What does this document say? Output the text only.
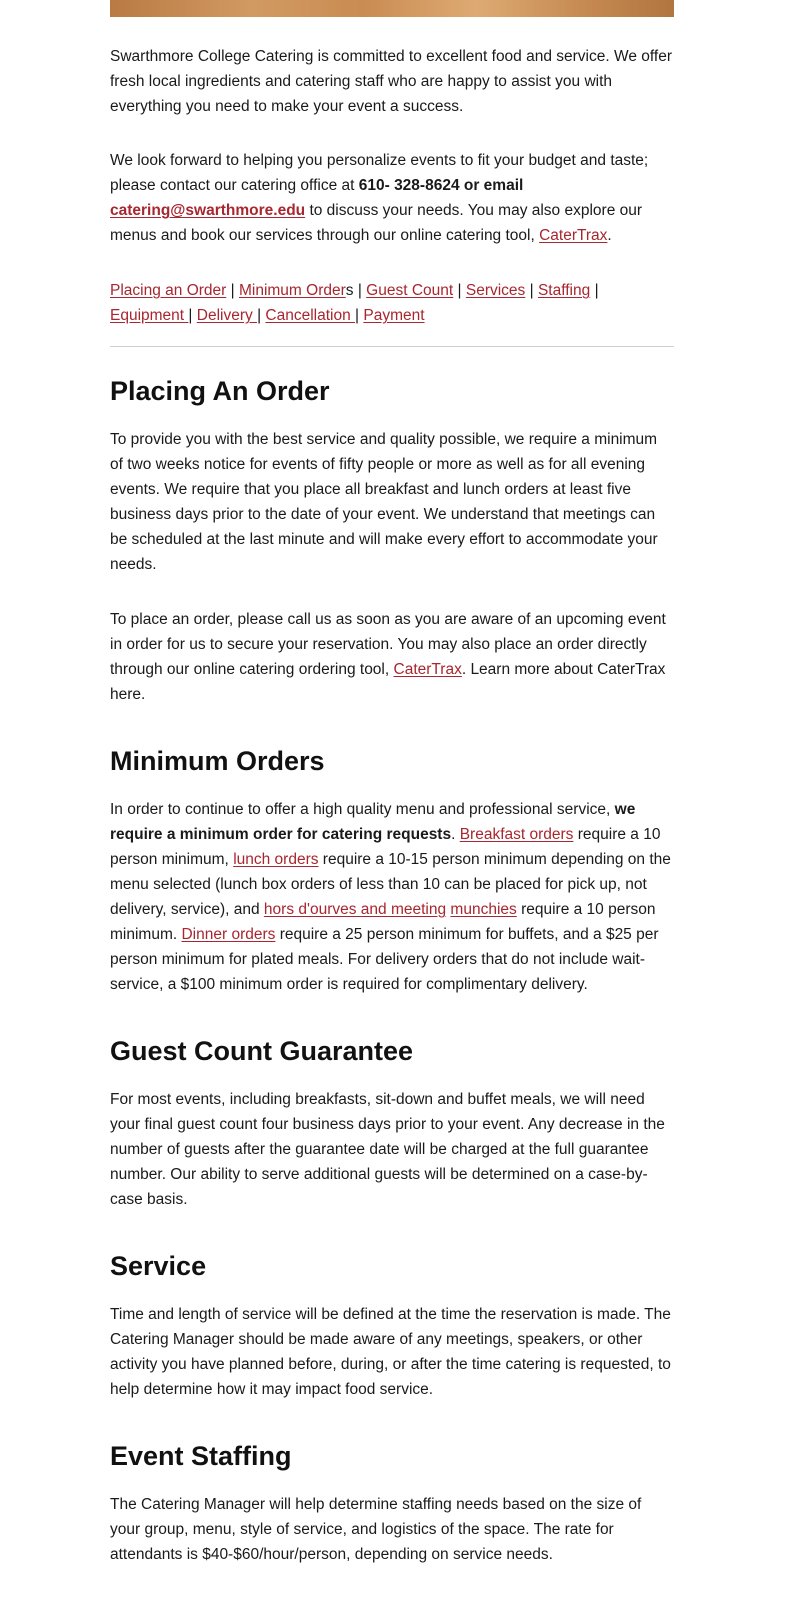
Swarthmore College Catering is committed to excellent food and service. We offer fresh local ingredients and catering staff who are happy to assist you with everything you need to make your event a success.

We look forward to helping you personalize events to fit your budget and taste; please contact our catering office at 610- 328-8624 or email catering@swarthmore.edu to discuss your needs. You may also explore our menus and book our services through our online catering tool, CaterTrax.

Placing an Order | Minimum Orders | Guest Count | Services | Staffing | Equipment | Delivery | Cancellation | Payment

Placing An Order

To provide you with the best service and quality possible, we require a minimum of two weeks notice for events of fifty people or more as well as for all evening events. We require that you place all breakfast and lunch orders at least five business days prior to the date of your event. We understand that meetings can be scheduled at the last minute and will make every effort to accommodate your needs.

To place an order, please call us as soon as you are aware of an upcoming event in order for us to secure your reservation. You may also place an order directly through our online catering ordering tool, CaterTrax. Learn more about CaterTrax here.

Minimum Orders

In order to continue to offer a high quality menu and professional service, we require a minimum order for catering requests. Breakfast orders require a 10 person minimum, lunch orders require a 10-15 person minimum depending on the menu selected (lunch box orders of less than 10 can be placed for pick up, not delivery, service), and hors d'ourves and meeting munchies require a 10 person minimum. Dinner orders require a 25 person minimum for buffets, and a $25 per person minimum for plated meals. For delivery orders that do not include wait-service, a $100 minimum order is required for complimentary delivery.

Guest Count Guarantee

For most events, including breakfasts, sit-down and buffet meals, we will need your final guest count four business days prior to your event. Any decrease in the number of guests after the guarantee date will be charged at the full guarantee number. Our ability to serve additional guests will be determined on a case-by-case basis.

Service

Time and length of service will be defined at the time the reservation is made. The Catering Manager should be made aware of any meetings, speakers, or other activity you have planned before, during, or after the time catering is requested, to help determine how it may impact food service.

Event Staffing

The Catering Manager will help determine staffing needs based on the size of your group, menu, style of service, and logistics of the space. The rate for attendants is $40-$60/hour/person, depending on service needs.
